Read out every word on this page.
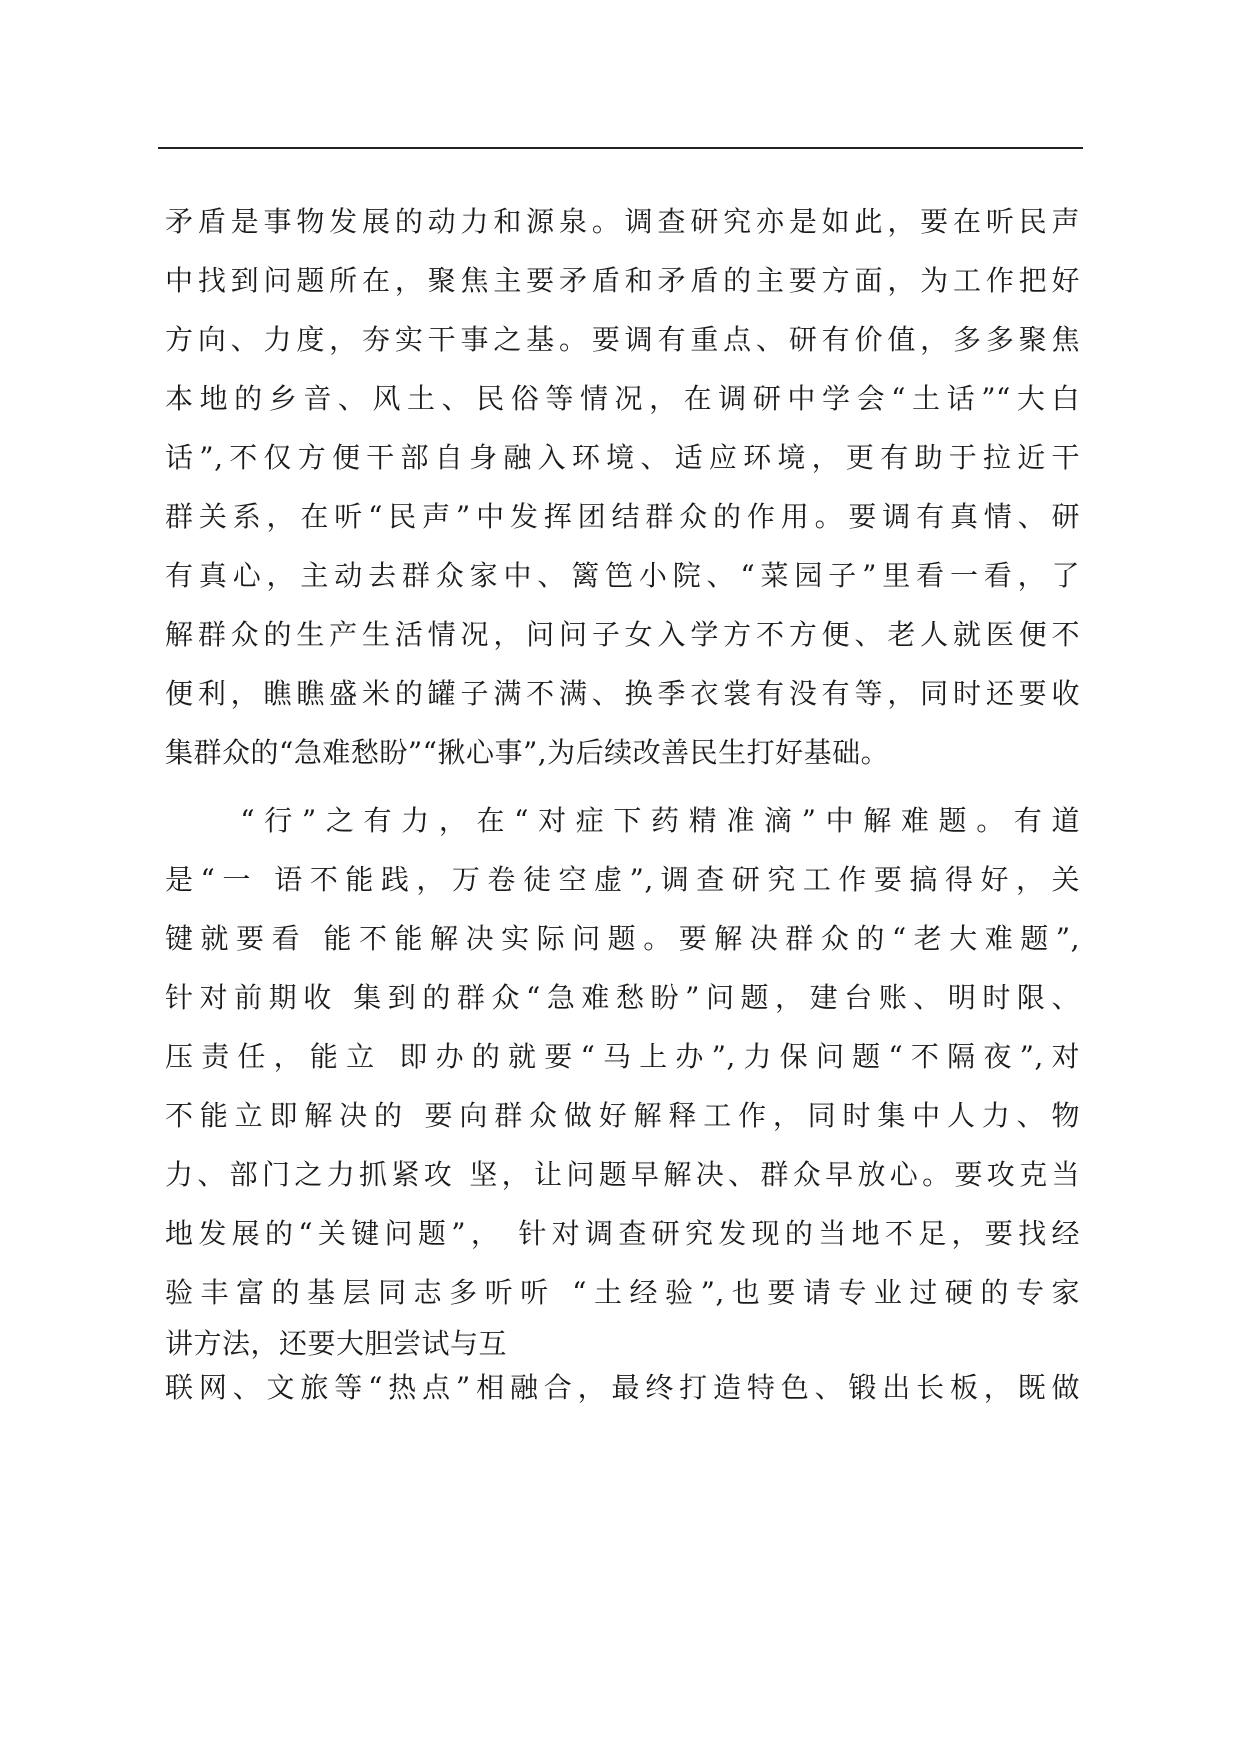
矛盾是事物发展的动力和源泉。调查研究亦是如此，要在听民声
中找到问题所在，聚焦主要矛盾和矛盾的主要方面，为工作把好
方向、力度，夯实干事之基。要调有重点、研有价值，多多聚焦
本地的乡音、风土、民俗等情况，在调研中学会“土话”“大白
话”,不仅方便干部自身融入环境、适应环境，更有助于拉近干
群关系，在听“民声”中发挥团结群众的作用。要调有真情、研
有真心，主动去群众家中、篱笆小院、“菜园子”里看一看，了
解群众的生产生活情况，问问子女入学方不方便、老人就医便不
便利，瞧瞧盛米的罐子满不满、换季衣裳有没有等，同时还要收
集群众的“急难愁盼”“揪心事”,为后续改善民生打好基础。
　　“行”之有力，在“对症下药精准滴”中解难题。有道
是“一 语不能践，万卷徒空虚”,调查研究工作要搞得好，关
键就要看 能不能解决实际问题。要解决群众的“老大难题”,
针对前期收 集到的群众“急难愁盼”问题，建台账、明时限、
压责任，能立 即办的就要“马上办”,力保问题“不隔夜”,对
不能立即解决的 要向群众做好解释工作，同时集中人力、物
力、部门之力抓紧攻 坚，让问题早解决、群众早放心。要攻克当
地发展的“关键问题”， 针对调查研究发现的当地不足，要找经
验丰富的基层同志多听听 “土经验”,也要请专业过硬的专家
讲方法，还要大胆尝试与互
联网、文旅等“热点”相融合，最终打造特色、锻出长板，既做
